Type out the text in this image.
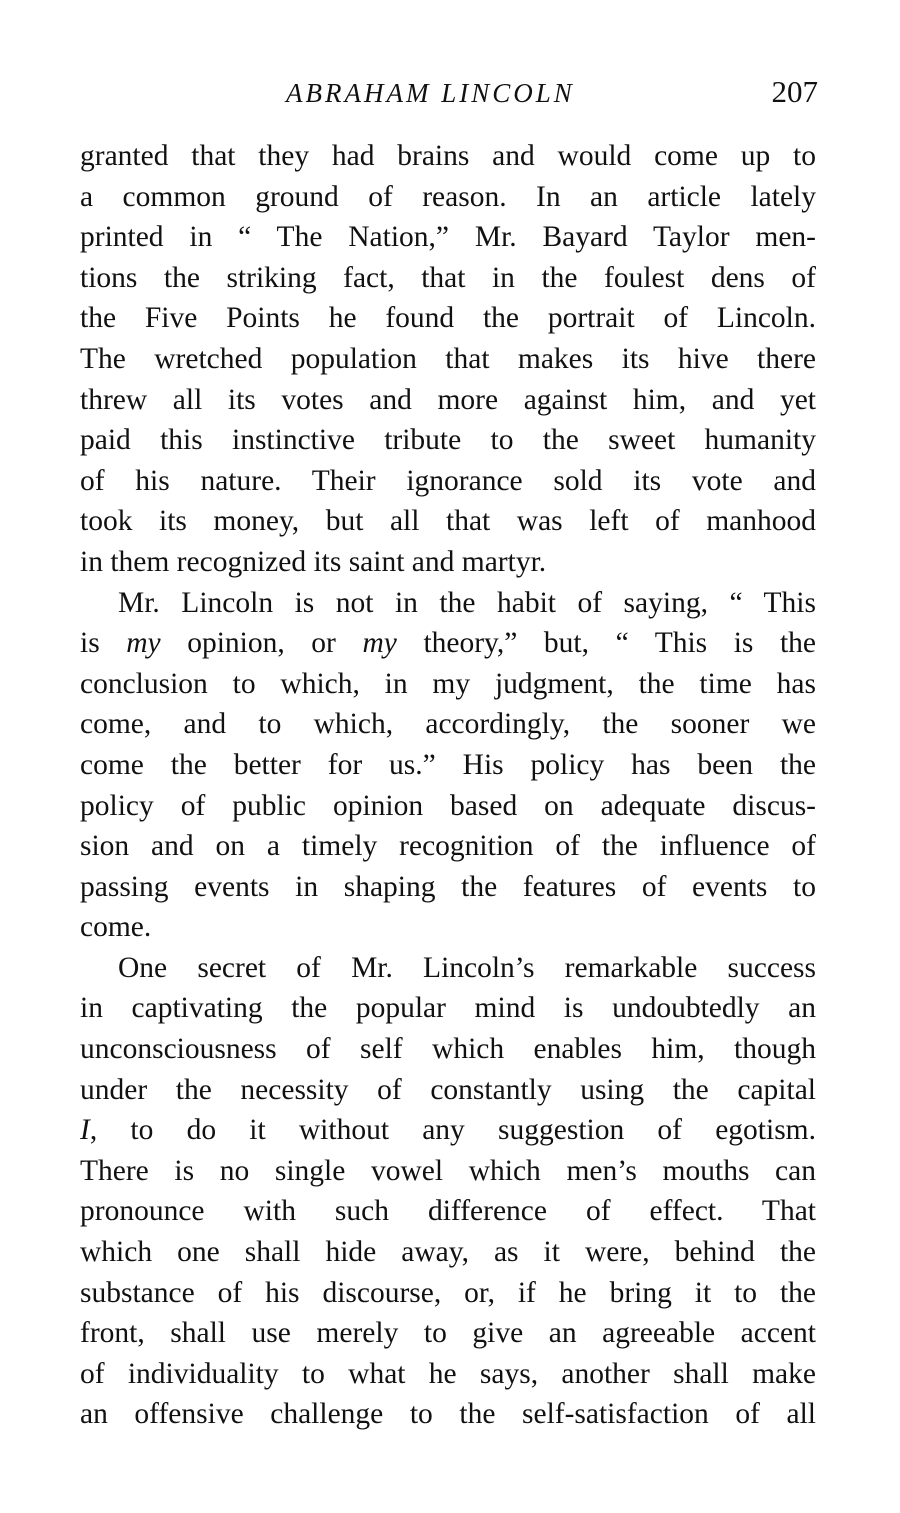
ABRAHAM LINCOLN	207
granted that they had brains and would come up to
a common ground of reason. In an article lately
printed in “ The Nation,” Mr. Bayard Taylor men-
tions the striking fact, that in the foulest dens of
the Five Points he found the portrait of Lincoln.
The wretched population that makes its hive there
threw all its votes and more against him, and yet
paid this instinctive tribute to the sweet humanity
of his nature. Their ignorance sold its vote and
took its money, but all that was left of manhood
in them recognized its saint and martyr.
Mr. Lincoln is not in the habit of saying, “ This
is my opinion, or my theory,” but, “ This is the
conclusion to which, in my judgment, the time has
come, and to which, accordingly, the sooner we
come the better for us.” His policy has been the
policy of public opinion based on adequate discus-
sion and on a timely recognition of the influence of
passing events in shaping the features of events to
come.
One secret of Mr. Lincoln’s remarkable success
in captivating the popular mind is undoubtedly an
unconsciousness of self which enables him, though
under the necessity of constantly using the capital
I, to do it without any suggestion of egotism.
There is no single vowel which men’s mouths can
pronounce with such difference of effect. That
which one shall hide away, as it were, behind the
substance of his discourse, or, if he bring it to the
front, shall use merely to give an agreeable accent
of individuality to what he says, another shall make
an offensive challenge to the self-satisfaction of all
